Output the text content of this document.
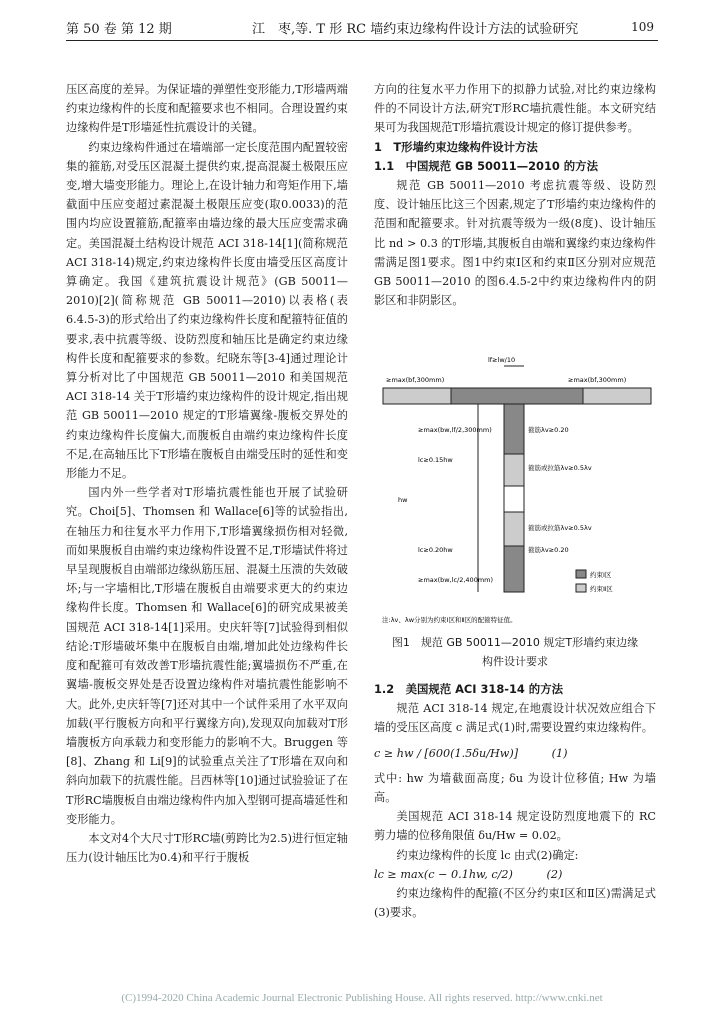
第 50 卷 第 12 期	江　枣,等. T 形 RC 墙约束边缘构件设计方法的试验研究	109

压区高度的差异。为保证墙的弹塑性变形能力,T形墙两端约束边缘构件的长度和配箍要求也不相同。合理设置约束边缘构件是T形墙延性抗震设计的关键。

约束边缘构件通过在墙端部一定长度范围内配置较密集的箍筋,对受压区混凝土提供约束,提高混凝土极限压应变,增大墙变形能力。理论上,在设计轴力和弯矩作用下,墙截面中压应变超过素混凝土极限压应变(取0.0033)的范围内均应设置箍筋,配箍率由墙边缘的最大压应变需求确定。美国混凝土结构设计规范 ACI 318-14[1](简称规范 ACI 318-14)规定,约束边缘构件长度由墙受压区高度计算确定。我国《建筑抗震设计规范》(GB 50011—2010)[2](简称规范 GB 50011—2010)以表格(表6.4.5-3)的形式给出了约束边缘构件长度和配箍特征值的要求,表中抗震等级、设防烈度和轴压比是确定约束边缘构件长度和配箍要求的参数。纪晓东等[3-4]通过理论计算分析对比了中国规范 GB 50011—2010 和美国规范 ACI 318-14 关于T形墙约束边缘构件的设计规定,指出规范 GB 50011—2010 规定的T形墙翼缘-腹板交界处的约束边缘构件长度偏大,而腹板自由端约束边缘构件长度不足,在高轴压比下T形墙在腹板自由端受压时的延性和变形能力不足。

国内外一些学者对T形墙抗震性能也开展了试验研究。Choi[5]、Thomsen 和 Wallace[6]等的试验指出,在轴压力和往复水平力作用下,T形墙翼缘损伤相对轻微,而如果腹板自由端约束边缘构件设置不足,T形墙试件将过早呈现腹板自由端部边缘纵筋压屈、混凝土压溃的失效破坏;与一字墙相比,T形墙在腹板自由端要求更大的约束边缘构件长度。Thomsen 和 Wallace[6]的研究成果被美国规范 ACI 318-14[1]采用。史庆轩等[7]试验得到相似结论:T形墙破坏集中在腹板自由端,增加此处边缘构件长度和配箍可有效改善T形墙抗震性能;翼墙损伤不严重,在翼墙-腹板交界处是否设置边缘构件对墙抗震性能影响不大。此外,史庆轩等[7]还对其中一个试件采用了水平双向加载(平行腹板方向和平行翼缘方向),发现双向加载对T形墙腹板方向承载力和变形能力的影响不大。Bruggen 等[8]、Zhang 和 Li[9]的试验重点关注了T形墙在双向和斜向加载下的抗震性能。吕西林等[10]通过试验验证了在T形RC墙腹板自由端边缘构件内加入型钢可提高墙延性和变形能力。

本文对4个大尺寸T形RC墙(剪跨比为2.5)进行恒定轴压力(设计轴压比为0.4)和平行于腹板

方向的往复水平力作用下的拟静力试验,对比约束边缘构件的不同设计方法,研究T形RC墙抗震性能。本文研究结果可为我国规范T形墙抗震设计规定的修订提供参考。

1　T形墙约束边缘构件设计方法

1.1　中国规范 GB 50011—2010 的方法

规范 GB 50011—2010 考虑抗震等级、设防烈度、设计轴压比这三个因素,规定了T形墙约束边缘构件的范围和配箍要求。针对抗震等级为一级(8度)、设计轴压比 nd > 0.3 的T形墙,其腹板自由端和翼缘约束边缘构件需满足图1要求。图1中约束Ⅰ区和约束Ⅱ区分别对应规范 GB 50011—2010 的图6.4.5-2中约束边缘构件内的阴影区和非阴影区。

lf≥lw/10
≥max(bf,300mm)	≥max(bf,300mm)
hw
箍筋λv≥0.20
箍筋或拉筋λv≥0.5λv
箍筋或拉筋λv≥0.5λv
箍筋λv≥0.20
≥max(bw,lf/2,300mm)
lc≥0.15hw
lc≥0.20hw
≥max(bw,lc/2,400mm)
约束Ⅰ区
约束Ⅱ区
注:λv、λw分别为约束Ⅰ区和Ⅱ区的配箍特征值。
图1　规范 GB 50011—2010 规定T形墙约束边缘
构件设计要求

1.2　美国规范 ACI 318-14 的方法

规范 ACI 318-14 规定,在地震设计状况效应组合下墙的受压区高度 c 满足式(1)时,需要设置约束边缘构件。

c ≥ hw / [600(1.5δu/Hw)]　　　(1)

式中: hw 为墙截面高度; δu 为设计位移值; Hw 为墙高。

美国规范 ACI 318-14 规定设防烈度地震下的 RC 剪力墙的位移角限值 δu/Hw = 0.02。

约束边缘构件的长度 lc 由式(2)确定:

lc ≥ max(c − 0.1hw, c/2)　　　(2)

约束边缘构件的配箍(不区分约束Ⅰ区和Ⅱ区)需满足式(3)要求。

(C)1994-2020 China Academic Journal Electronic Publishing House. All rights reserved. http://www.cnki.net
